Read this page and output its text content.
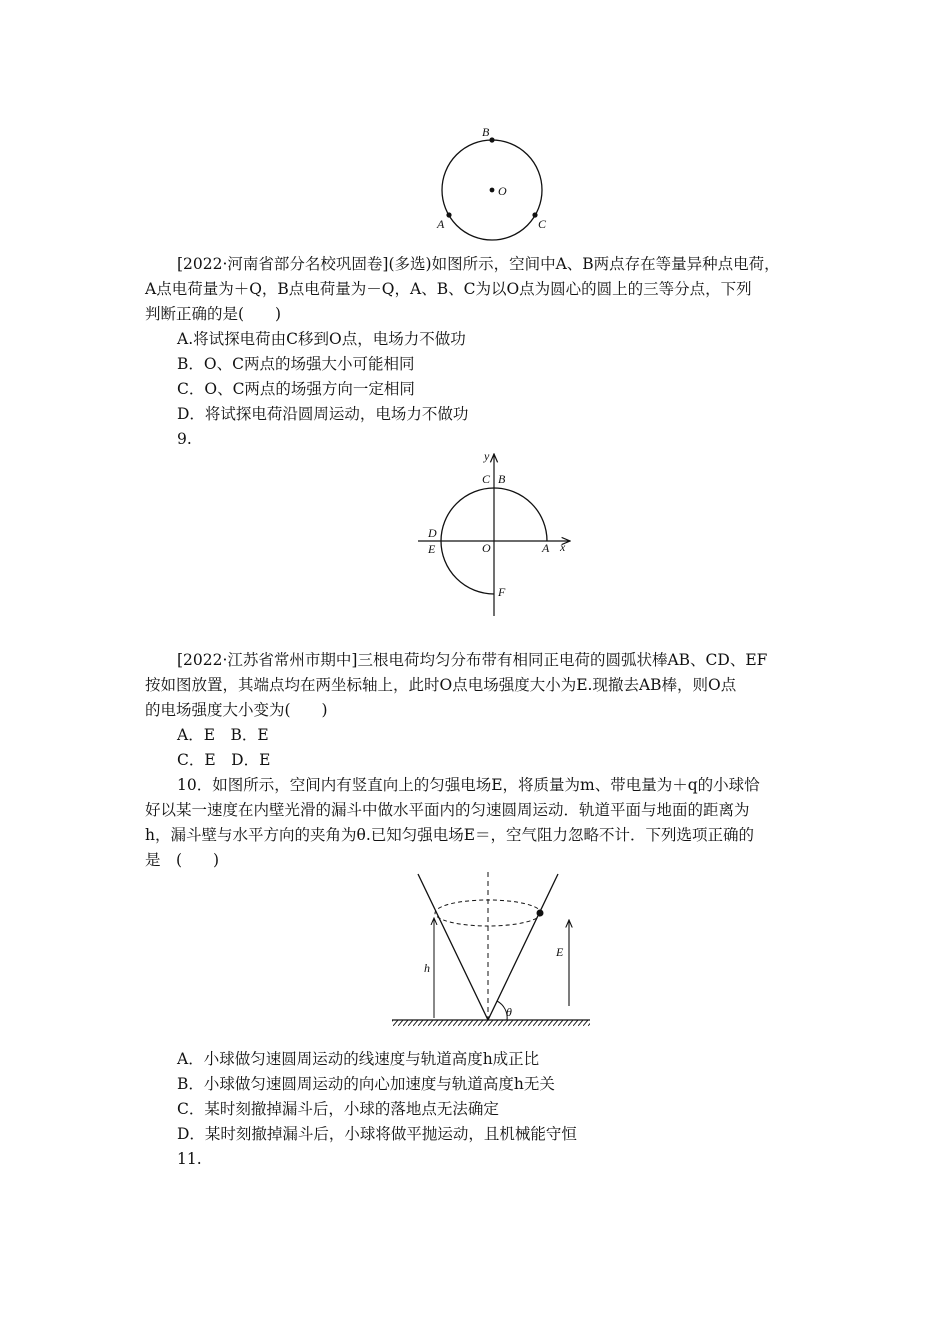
B
O
A	C
[2022·河南省部分名校巩固卷](多选)如图所示，空间中A、B两点存在等量异种点电荷，
A点电荷量为＋Q，B点电荷量为－Q，A、B、C为以O点为圆心的圆上的三等分点，下列
判断正确的是(　　)
A.将试探电荷由C移到O点，电场力不做功
B．O、C两点的场强大小可能相同
C．O、C两点的场强方向一定相同
D．将试探电荷沿圆周运动，电场力不做功
9.
y
x
C B
D
E	O	A
F
[2022·江苏省常州市期中]三根电荷均匀分布带有相同正电荷的圆弧状棒AB、CD、EF
按如图放置，其端点均在两坐标轴上，此时O点电场强度大小为E.现撤去AB棒，则O点
的电场强度大小变为(　　)
A．E　B．E
C．E　D．E
10．如图所示，空间内有竖直向上的匀强电场E，将质量为m、带电量为＋q的小球恰
好以某一速度在内壁光滑的漏斗中做水平面内的匀速圆周运动．轨道平面与地面的距离为
h，漏斗壁与水平方向的夹角为θ.已知匀强电场E＝，空气阻力忽略不计．下列选项正确的
是　(　　)
h
E
θ
A．小球做匀速圆周运动的线速度与轨道高度h成正比
B．小球做匀速圆周运动的向心加速度与轨道高度h无关
C．某时刻撤掉漏斗后，小球的落地点无法确定
D．某时刻撤掉漏斗后，小球将做平抛运动，且机械能守恒
11.
